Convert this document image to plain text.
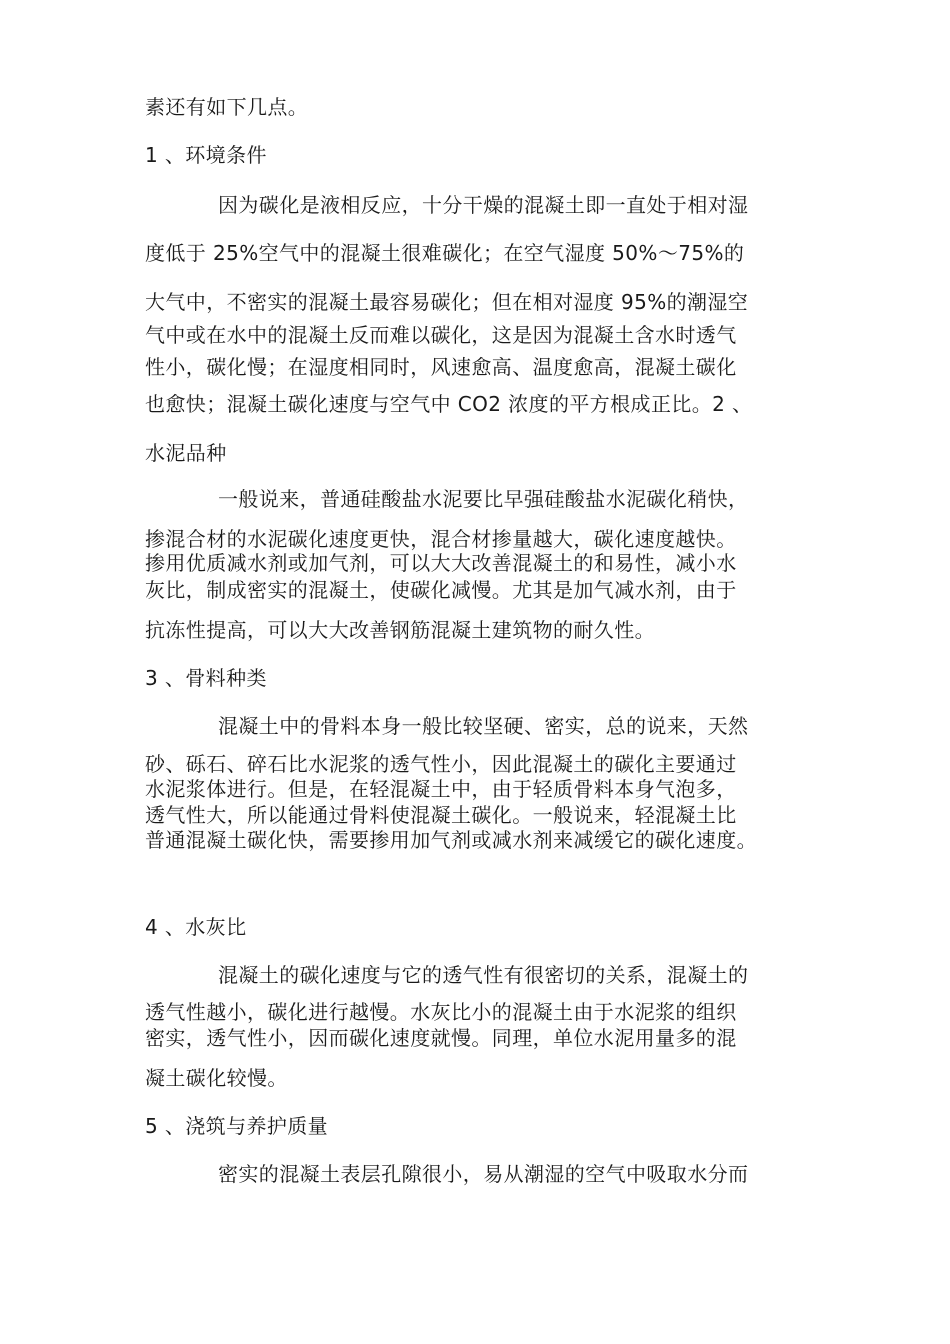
素还有如下几点。
1 、环境条件
因为碳化是液相反应，十分干燥的混凝土即一直处于相对湿
度低于 25%空气中的混凝土很难碳化；在空气湿度 50%～75%的
大气中，不密实的混凝土最容易碳化；但在相对湿度 95%的潮湿空
气中或在水中的混凝土反而难以碳化，这是因为混凝土含水时透气
性小，碳化慢；在湿度相同时，风速愈高、温度愈高，混凝土碳化
也愈快；混凝土碳化速度与空气中 CO2 浓度的平方根成正比。2 、
水泥品种
一般说来，普通硅酸盐水泥要比早强硅酸盐水泥碳化稍快，
掺混合材的水泥碳化速度更快，混合材掺量越大，碳化速度越快。
掺用优质减水剂或加气剂，可以大大改善混凝土的和易性，减小水
灰比，制成密实的混凝土，使碳化减慢。尤其是加气减水剂，由于
抗冻性提高，可以大大改善钢筋混凝土建筑物的耐久性。
3 、骨料种类
混凝土中的骨料本身一般比较坚硬、密实，总的说来，天然
砂、砾石、碎石比水泥浆的透气性小，因此混凝土的碳化主要通过
水泥浆体进行。但是，在轻混凝土中，由于轻质骨料本身气泡多，
透气性大，所以能通过骨料使混凝土碳化。一般说来，轻混凝土比
普通混凝土碳化快，需要掺用加气剂或减水剂来减缓它的碳化速度。
4 、水灰比
混凝土的碳化速度与它的透气性有很密切的关系，混凝土的
透气性越小，碳化进行越慢。水灰比小的混凝土由于水泥浆的组织
密实，透气性小，因而碳化速度就慢。同理，单位水泥用量多的混
凝土碳化较慢。
5 、浇筑与养护质量
密实的混凝土表层孔隙很小，易从潮湿的空气中吸取水分而
